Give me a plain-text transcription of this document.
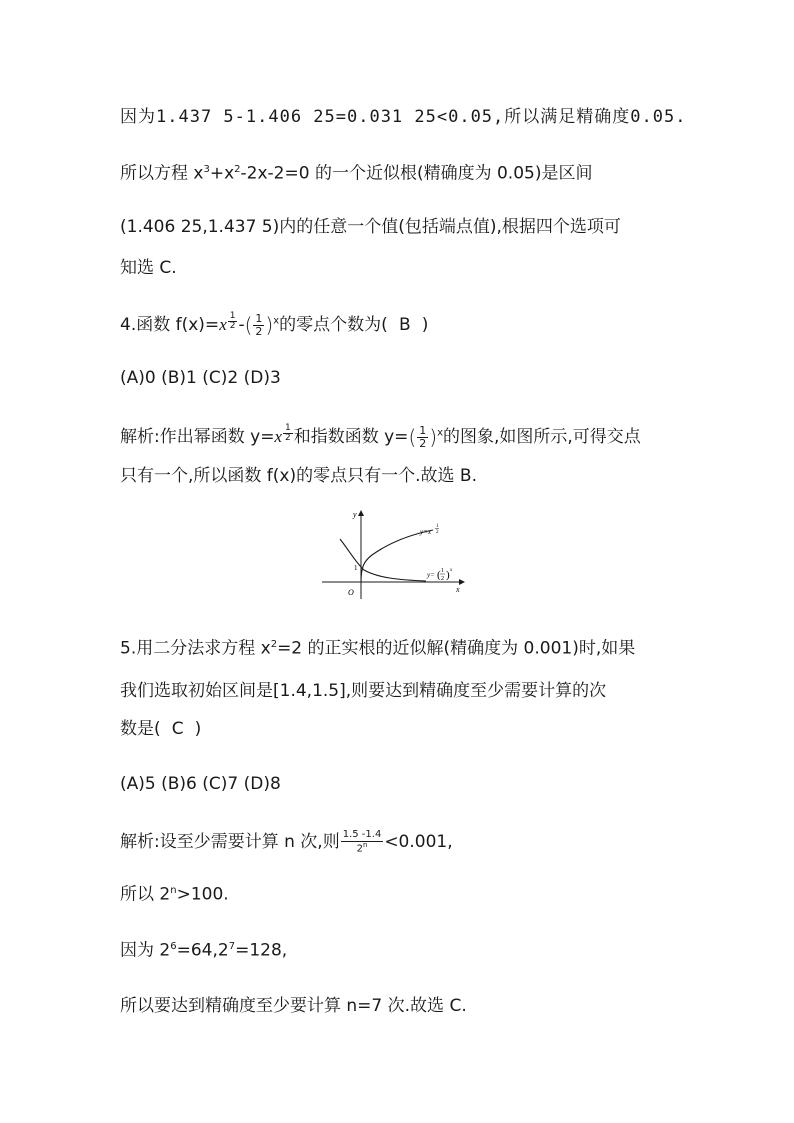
因为1.437 5-1.406 25=0.031 25<0.05,所以满足精确度0.05.
所以方程 $x^3+x^2-2x-2=0$ 的一个近似根(精确度为 0.05)是区间
(1.406 25,1.437 5)内的任意一个值(包括端点值),根据四个选项可
知选 C.
4.函数 $f(x)=x \frac{1}{2}$ -( $\frac{1}{2} )^x$的零点个数为( B )
(A)0 (B)1 (C)2 (D)3
解析:作出幂函数 $y=x \frac{1}{2}$ 和指数函数 $y=( \frac{1}{2} )^x$的图象,如图所示,可得交点
只有一个,所以函数 f(x)的零点只有一个.故选 B.
y
x
O
1
y=x
1
2
y= ( 1
2 ) x
5.用二分法求方程 $x^2=2$ 的正实根的近似解(精确度为 0.001)时,如果
我们选取初始区间是[1.4,1.5],则要达到精确度至少需要计算的次
数是( C )
(A)5 (B)6 (C)7 (D)8
解析:设至少需要计算 n 次,则 $\frac{1.5 -1.4}{2^n} <0.001$,
所以 $2^n>100$.
因为 $2^6=64,2^7=128$,
所以要达到精确度至少要计算 n=7 次.故选 C.
